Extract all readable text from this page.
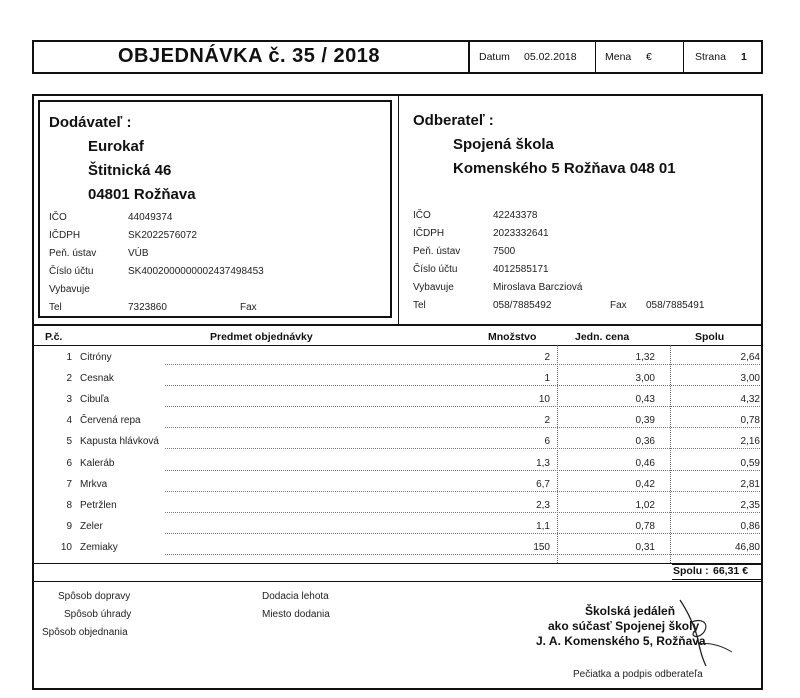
OBJEDNÁVKA č. 35 / 2018	Datum 05.02.2018	Mena €	Strana 1
Dodávateľ :
Eurokaf
Štitnická 46
04801 Rožňava
IČO	44049374
IČDPH	SK2022576072
Peň. ústav	VÚB
Číslo účtu	SK4002000000002437498453
Vybavuje
Tel	7323860	Fax
Odberateľ :
Spojená škola
Komenského 5 Rožňava 048 01
IČO	42243378
IČDPH	2023332641
Peň. ústav	7500
Číslo účtu	4012585171
Vybavuje	Miroslava Barcziová
Tel	058/7885492	Fax 058/7885491
P.č.	Predmet objednávky	Množstvo	Jedn. cena	Spolu
1 Citróny	2	1,32	2,64
2 Cesnak	1	3,00	3,00
3 Cibuľa	10	0,43	4,32
4 Červená repa	2	0,39	0,78
5 Kapusta hlávková	6	0,36	2,16
6 Kaleráb	1,3	0,46	0,59
7 Mrkva	6,7	0,42	2,81
8 Petržlen	2,3	1,02	2,35
9 Zeler	1,1	0,78	0,86
10 Zemiaky	150	0,31	46,80
Spolu : 66,31 €
Spôsob dopravy
Spôsob úhrady
Spôsob objednania
Dodacia lehota
Miesto dodania	Školská jedáleň
ako súčasť Spojenej školy
J. A. Komenského 5, Rožňava
Pečiatka a podpis odberateľa
